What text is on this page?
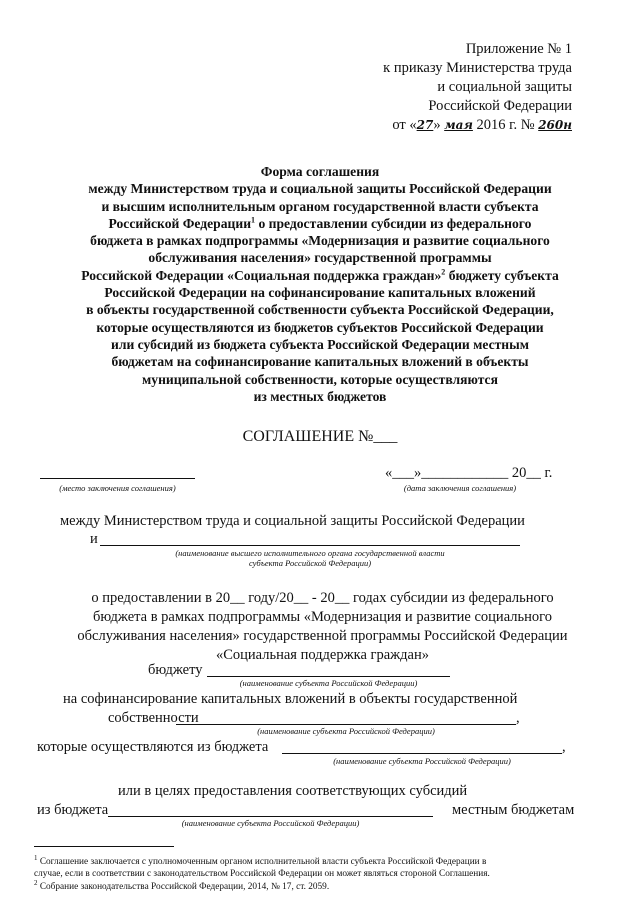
Приложение № 1
к приказу Министерства труда
и социальной защиты
Российской Федерации
от «27» мая 2016 г. № 260н
Форма соглашения
между Министерством труда и социальной защиты Российской Федерации
и высшим исполнительным органом государственной власти субъекта
Российской Федерации$^1$ о предоставлении субсидии из федерального
бюджета в рамках подпрограммы «Модернизация и развитие социального
обслуживания населения» государственной программы
Российской Федерации «Социальная поддержка граждан»$^2$ бюджету субъекта
Российской Федерации на софинансирование капитальных вложений
в объекты государственной собственности субъекта Российской Федерации,
которые осуществляются из бюджетов субъектов Российской Федерации
или субсидий из бюджета субъекта Российской Федерации местным
бюджетам на софинансирование капитальных вложений в объекты
муниципальной собственности, которые осуществляются
из местных бюджетов
СОГЛАШЕНИЕ №___
(место заключения соглашения)
«___»____________ 20__ г.
(дата заключения соглашения)
между Министерством труда и социальной защиты Российской Федерации
и
(наименование высшего исполнительного органа государственной власти
субъекта Российской Федерации)
о предоставлении в 20__ году/20__ - 20__ годах субсидии из федерального
бюджета в рамках подпрограммы «Модернизация и развитие социального
обслуживания населения» государственной программы Российской Федерации
«Социальная поддержка граждан»
бюджету
(наименование субъекта Российской Федерации)
на софинансирование капитальных вложений в объекты государственной
собственности	,
(наименование субъекта Российской Федерации)
которые осуществляются из бюджета	,
(наименование субъекта Российской Федерации)
или в целях предоставления соответствующих субсидий
из бюджета	местным бюджетам
(наименование субъекта Российской Федерации)
$^1$ Соглашение заключается с уполномоченным органом исполнительной власти субъекта Российской Федерации в
случае, если в соответствии с законодательством Российской Федерации он может являться стороной Соглашения.
$^2$ Собрание законодательства Российской Федерации, 2014, № 17, ст. 2059.
